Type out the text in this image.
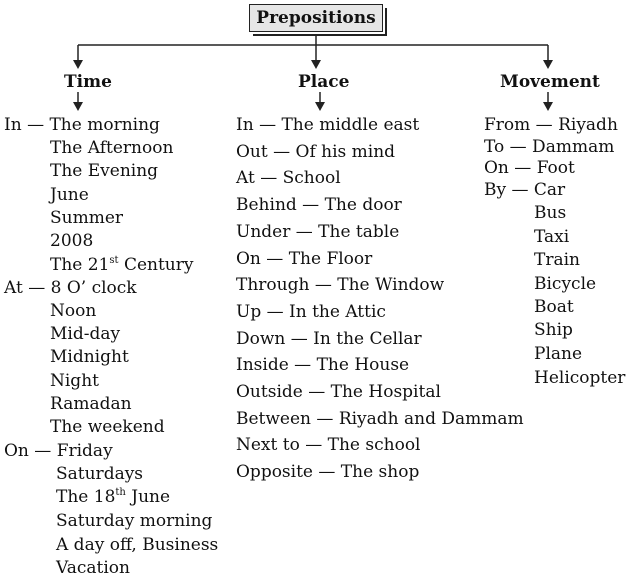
Prepositions
Time	Place	Movement
In — The morning
The Afternoon
The Evening
June
Summer
2008
The 21st Century
At — 8 O’ clock
Noon
Mid-day
Midnight
Night
Ramadan
The weekend
On — Friday
Saturdays
The 18th June
Saturday morning
A day off, Business
Vacation
In — The middle east
Out — Of his mind
At — School
Behind — The door
Under — The table
On — The Floor
Through — The Window
Up — In the Attic
Down — In the Cellar
Inside — The House
Outside — The Hospital
Between — Riyadh and Dammam
Next to — The school
Opposite — The shop
From — Riyadh
To — Dammam
On — Foot
By — Car
Bus
Taxi
Train
Bicycle
Boat
Ship
Plane
Helicopter
